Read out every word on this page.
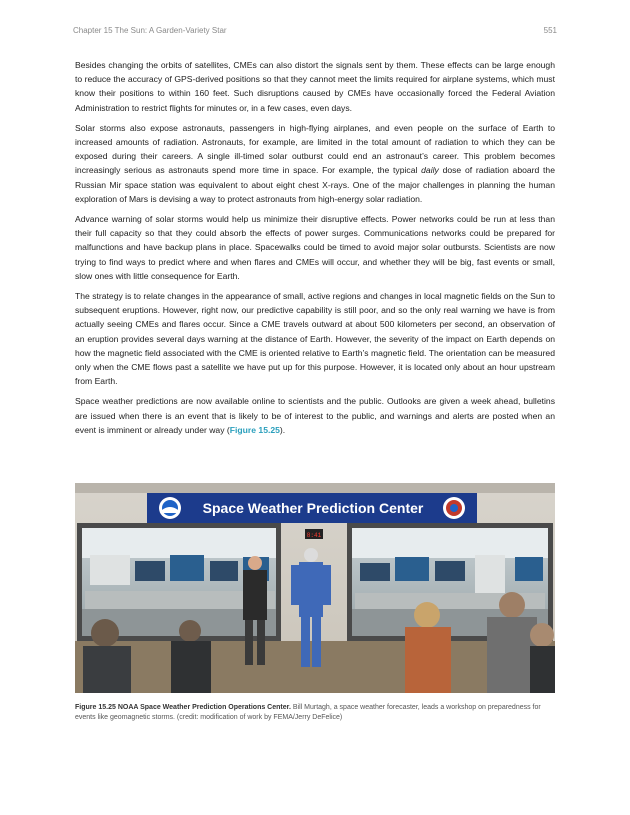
Chapter 15 The Sun: A Garden-Variety Star	551

Besides changing the orbits of satellites, CMEs can also distort the signals sent by them. These effects can be large enough to reduce the accuracy of GPS-derived positions so that they cannot meet the limits required for airplane systems, which must know their positions to within 160 feet. Such disruptions caused by CMEs have occasionally forced the Federal Aviation Administration to restrict flights for minutes or, in a few cases, even days.

Solar storms also expose astronauts, passengers in high-flying airplanes, and even people on the surface of Earth to increased amounts of radiation. Astronauts, for example, are limited in the total amount of radiation to which they can be exposed during their careers. A single ill-timed solar outburst could end an astronaut’s career. This problem becomes increasingly serious as astronauts spend more time in space. For example, the typical daily dose of radiation aboard the Russian Mir space station was equivalent to about eight chest X-rays. One of the major challenges in planning the human exploration of Mars is devising a way to protect astronauts from high-energy solar radiation.

Advance warning of solar storms would help us minimize their disruptive effects. Power networks could be run at less than their full capacity so that they could absorb the effects of power surges. Communications networks could be prepared for malfunctions and have backup plans in place. Spacewalks could be timed to avoid major solar outbursts. Scientists are now trying to find ways to predict where and when flares and CMEs will occur, and whether they will be big, fast events or small, slow ones with little consequence for Earth.

The strategy is to relate changes in the appearance of small, active regions and changes in local magnetic fields on the Sun to subsequent eruptions. However, right now, our predictive capability is still poor, and so the only real warning we have is from actually seeing CMEs and flares occur. Since a CME travels outward at about 500 kilometers per second, an observation of an eruption provides several days warning at the distance of Earth. However, the severity of the impact on Earth depends on how the magnetic field associated with the CME is oriented relative to Earth’s magnetic field. The orientation can be measured only when the CME flows past a satellite we have put up for this purpose. However, it is located only about an hour upstream from Earth.

Space weather predictions are now available online to scientists and the public. Outlooks are given a week ahead, bulletins are issued when there is an event that is likely to be of interest to the public, and warnings and alerts are posted when an event is imminent or already under way (Figure 15.25).

Space Weather Prediction Center
8:41
Figure 15.25 NOAA Space Weather Prediction Operations Center. Bill Murtagh, a space weather forecaster, leads a workshop on preparedness for events like geomagnetic storms. (credit: modification of work by FEMA/Jerry DeFelice)
